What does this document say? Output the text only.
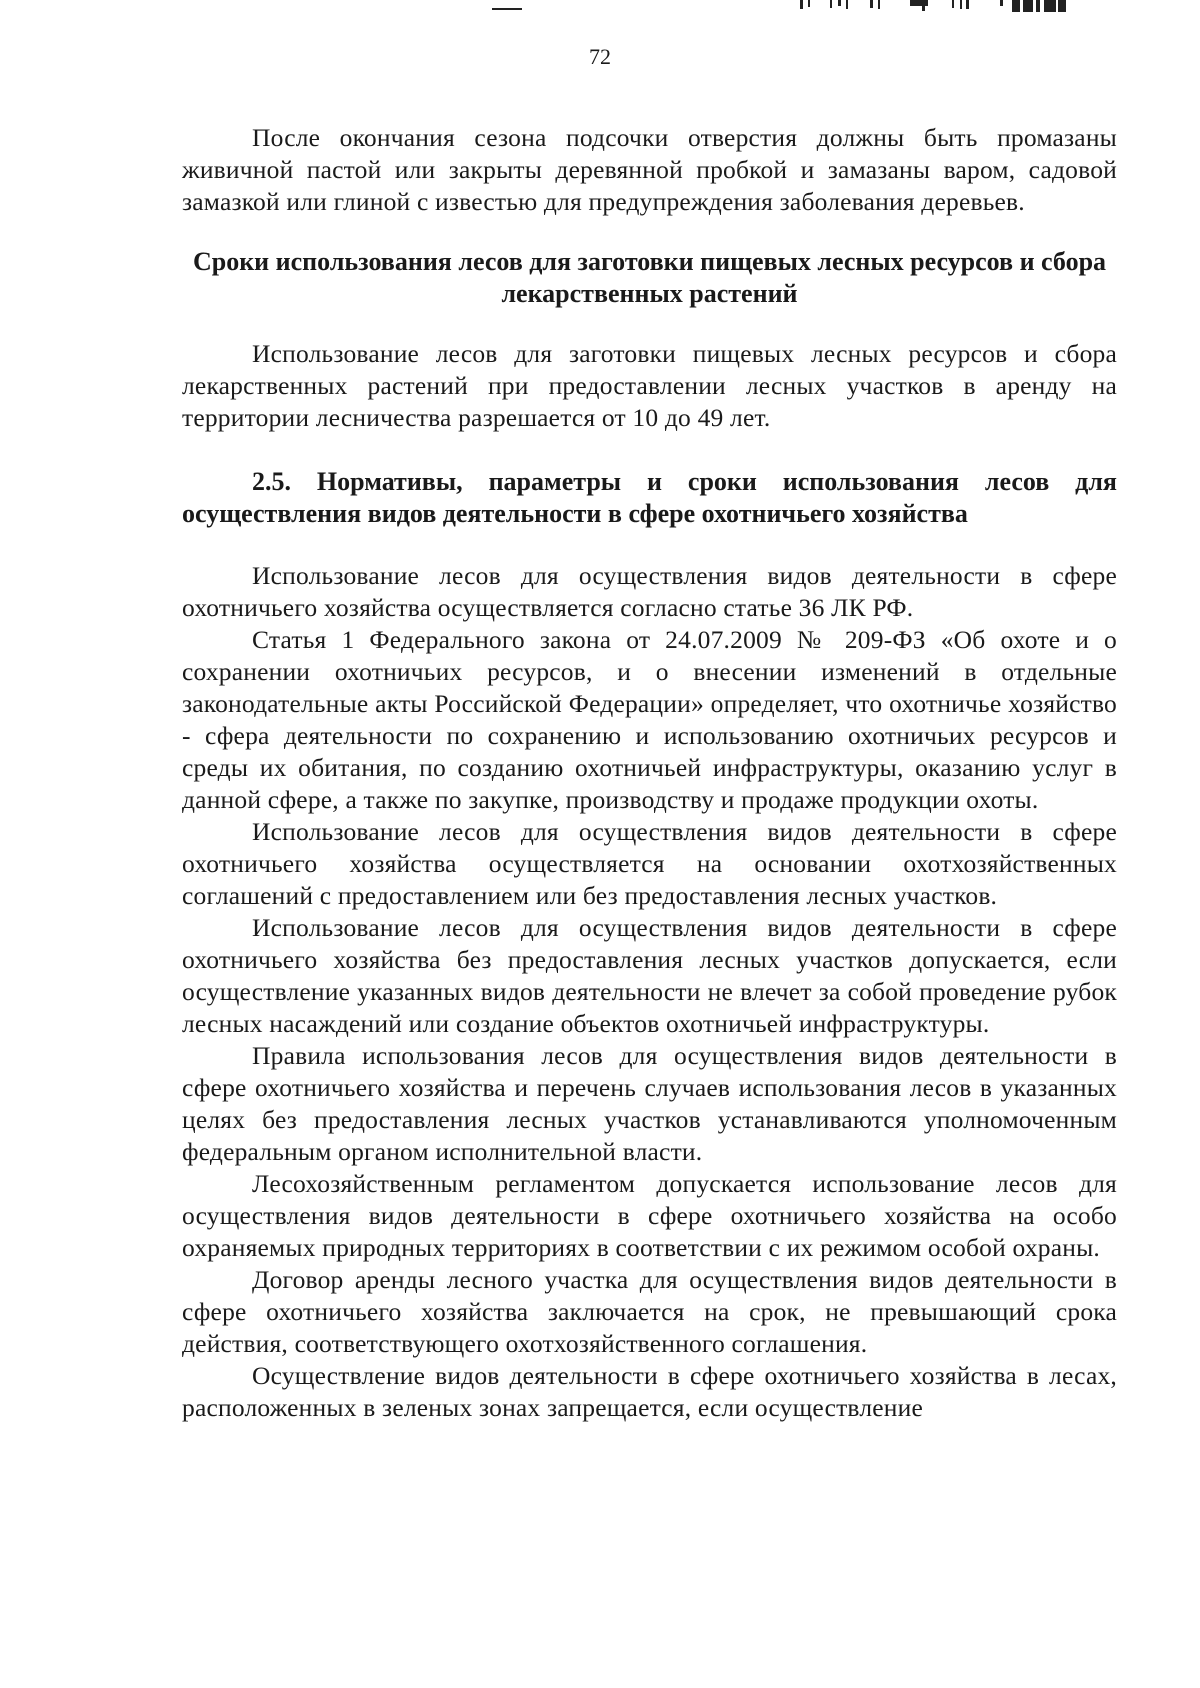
72

После окончания сезона подсочки отверстия должны быть промазаны живичной пастой или закрыты деревянной пробкой и замазаны варом, садовой замазкой или глиной с известью для предупреждения заболевания деревьев.

Сроки использования лесов для заготовки пищевых лесных ресурсов и сбора лекарственных растений

Использование лесов для заготовки пищевых лесных ресурсов и сбора лекарственных растений при предоставлении лесных участков в аренду на территории лесничества разрешается от 10 до 49 лет.

2.5. Нормативы, параметры и сроки использования лесов для осуществления видов деятельности в сфере охотничьего хозяйства

Использование лесов для осуществления видов деятельности в сфере охотничьего хозяйства осуществляется согласно статье 36 ЛК РФ.

Статья 1 Федерального закона от 24.07.2009 № 209-ФЗ «Об охоте и о сохранении охотничьих ресурсов, и о внесении изменений в отдельные законодательные акты Российской Федерации» определяет, что охотничье хозяйство - сфера деятельности по сохранению и использованию охотничьих ресурсов и среды их обитания, по созданию охотничьей инфраструктуры, оказанию услуг в данной сфере, а также по закупке, производству и продаже продукции охоты.

Использование лесов для осуществления видов деятельности в сфере охотничьего хозяйства осуществляется на основании охотхозяйственных соглашений с предоставлением или без предоставления лесных участков.

Использование лесов для осуществления видов деятельности в сфере охотничьего хозяйства без предоставления лесных участков допускается, если осуществление указанных видов деятельности не влечет за собой проведение рубок лесных насаждений или создание объектов охотничьей инфраструктуры.

Правила использования лесов для осуществления видов деятельности в сфере охотничьего хозяйства и перечень случаев использования лесов в указанных целях без предоставления лесных участков устанавливаются уполномоченным федеральным органом исполнительной власти.

Лесохозяйственным регламентом допускается использование лесов для осуществления видов деятельности в сфере охотничьего хозяйства на особо охраняемых природных территориях в соответствии с их режимом особой охраны.

Договор аренды лесного участка для осуществления видов деятельности в сфере охотничьего хозяйства заключается на срок, не превышающий срока действия, соответствующего охотхозяйственного соглашения.

Осуществление видов деятельности в сфере охотничьего хозяйства в лесах, расположенных в зеленых зонах запрещается, если осуществление
